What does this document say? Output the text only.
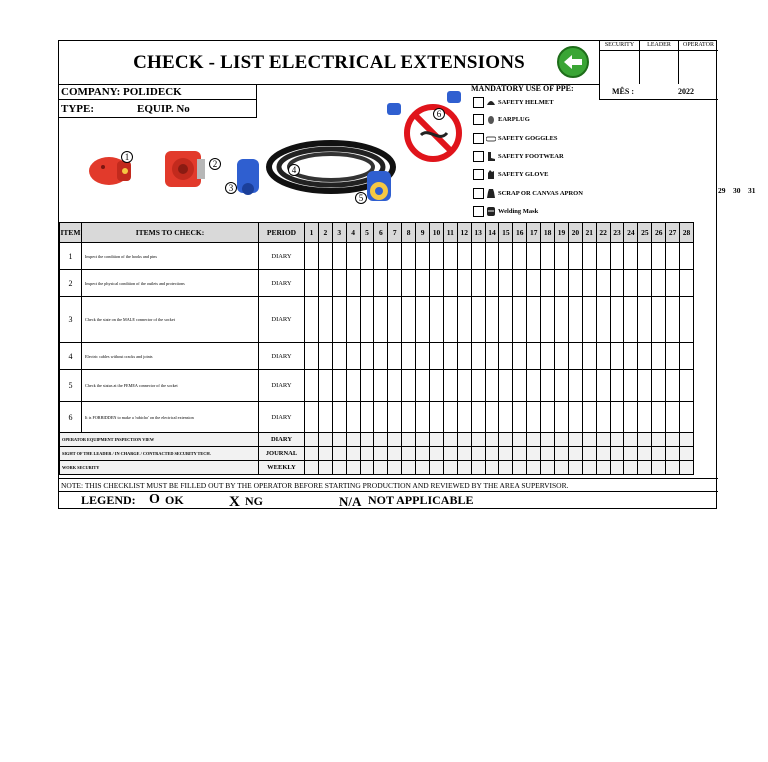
CHECK - LIST ELECTRICAL EXTENSIONS
SECURITY	LEADER	OPERATOR
COMPANY: POLIDECK
TYPE:	EQUIP. No
MÊS :	2022
1
2
4
3
5
6
MANDATORY USE OF PPE:
SAFETY HELMET
EARPLUG
SAFETY GOGGLES
SAFETY FOOTWEAR
SAFETY GLOVE
SCRAP OR CANVAS APRON
Welding Mask
ITEM	ITEMS TO CHECK:	PERIOD	1	2	3	4	5	6	7	8	9	10	11	12	13	14	15	16	17	18	19	20	21	22	23	24	25	26	27	28
1	Inspect the condition of the hooks and pins	DIARY																												
2	Inspect the physical condition of the outlets and protections	DIARY																												
3	Check the state on the MALE connector of the socket	DIARY																												
4	Electric cables without cracks and joints	DIARY																												
5	Check the status at the FEMEA connector of the socket	DIARY																												
6	It is FORBIDDEN to make a 'rabicho' on the electrical extension	DIARY																												
OPERATOR EQUIPMENT INSPECTION VIEW		DIARY																												
SIGHT OF THE LEADER / IN CHARGE / CONTRACTED SECURITY TECH.		JOURNAL																												
WORK SECURITY		WEEKLY																												
NOTE: THIS CHECKLIST MUST BE FILLED OUT BY THE OPERATOR BEFORE STARTING PRODUCTION AND REVIEWED BY THE AREA SUPERVISOR.
LEGEND: O OK	X NG	N/A NOT APPLICABLE
29 30 31
